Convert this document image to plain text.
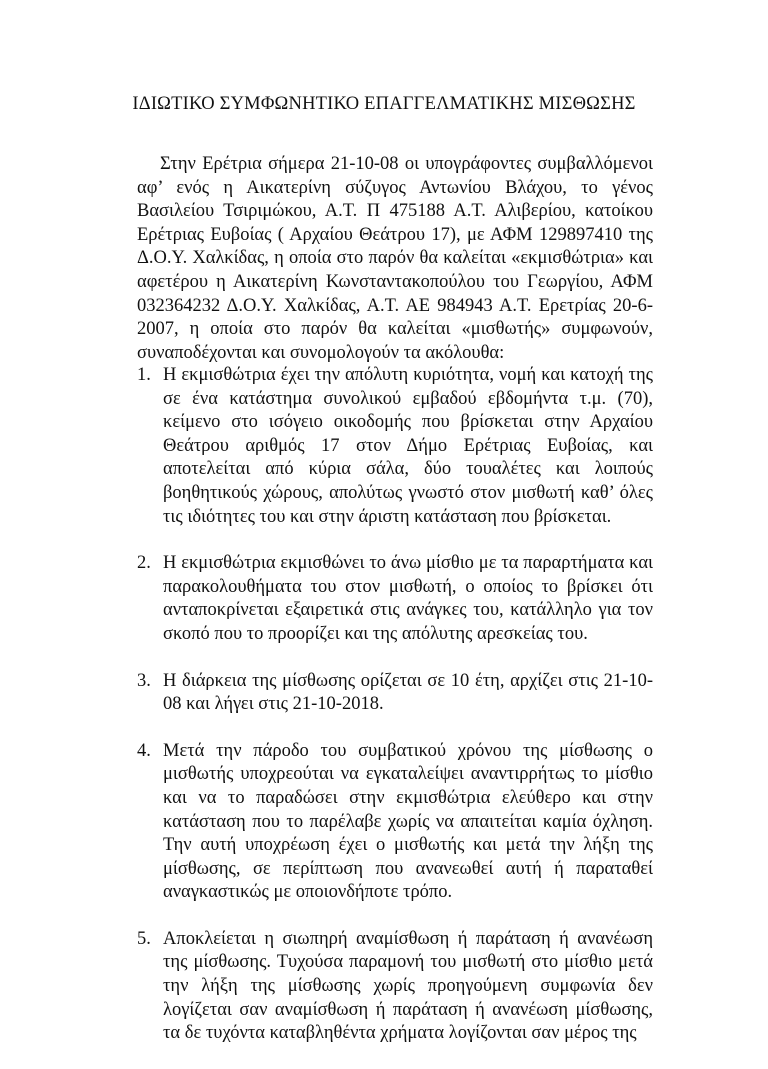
ΙΔΙΩΤΙΚΟ ΣΥΜΦΩΝΗΤΙΚΟ ΕΠΑΓΓΕΛΜΑΤΙΚΗΣ ΜΙΣΘΩΣΗΣ

Στην Ερέτρια σήμερα 21-10-08 οι υπογράφοντες συμβαλλόμενοι αφ’ ενός η Αικατερίνη σύζυγος Αντωνίου Βλάχου, το γένος Βασιλείου Τσιριμώκου, Α.Τ. Π 475188 Α.Τ. Αλιβερίου, κατοίκου Ερέτριας Ευβοίας ( Αρχαίου Θεάτρου 17), με ΑΦΜ 129897410 της Δ.Ο.Υ. Χαλκίδας, η οποία στο παρόν θα καλείται «εκμισθώτρια» και αφετέρου η Αικατερίνη Κωνσταντακοπούλου του Γεωργίου, ΑΦΜ 032364232 Δ.Ο.Υ. Χαλκίδας, Α.Τ. ΑΕ 984943 Α.Τ. Ερετρίας 20-6-2007, η οποία στο παρόν θα καλείται «μισθωτής» συμφωνούν, συναποδέχονται και συνομολογούν τα ακόλουθα:

1. Η εκμισθώτρια έχει την απόλυτη κυριότητα, νομή και κατοχή της σε ένα κατάστημα συνολικού εμβαδού εβδομήντα τ.μ. (70), κείμενο στο ισόγειο οικοδομής που βρίσκεται στην Αρχαίου Θεάτρου αριθμός 17 στον Δήμο Ερέτριας Ευβοίας, και αποτελείται από κύρια σάλα, δύο τουαλέτες και λοιπούς βοηθητικούς χώρους, απολύτως γνωστό στον μισθωτή καθ’ όλες τις ιδιότητες του και στην άριστη κατάσταση που βρίσκεται.
2. Η εκμισθώτρια εκμισθώνει το άνω μίσθιο με τα παραρτήματα και παρακολουθήματα του στον μισθωτή, ο οποίος το βρίσκει ότι ανταποκρίνεται εξαιρετικά στις ανάγκες του, κατάλληλο για τον σκοπό που το προορίζει και της απόλυτης αρεσκείας του.
3. Η διάρκεια της μίσθωσης ορίζεται σε 10 έτη, αρχίζει στις 21-10-08 και λήγει στις 21-10-2018.
4. Μετά την πάροδο του συμβατικού χρόνου της μίσθωσης ο μισθωτής υποχρεούται να εγκαταλείψει αναντιρρήτως το μίσθιο και να το παραδώσει στην εκμισθώτρια ελεύθερο και στην κατάσταση που το παρέλαβε χωρίς να απαιτείται καμία όχληση. Την αυτή υποχρέωση έχει ο μισθωτής και μετά την λήξη της μίσθωσης, σε περίπτωση που ανανεωθεί αυτή ή παραταθεί αναγκαστικώς με οποιονδήποτε τρόπο.
5. Αποκλείεται η σιωπηρή αναμίσθωση ή παράταση ή ανανέωση της μίσθωσης. Τυχούσα παραμονή του μισθωτή στο μίσθιο μετά την λήξη της μίσθωσης χωρίς προηγούμενη συμφωνία δεν λογίζεται σαν αναμίσθωση ή παράταση ή ανανέωση μίσθωσης, τα δε τυχόντα καταβληθέντα χρήματα λογίζονται σαν μέρος της
